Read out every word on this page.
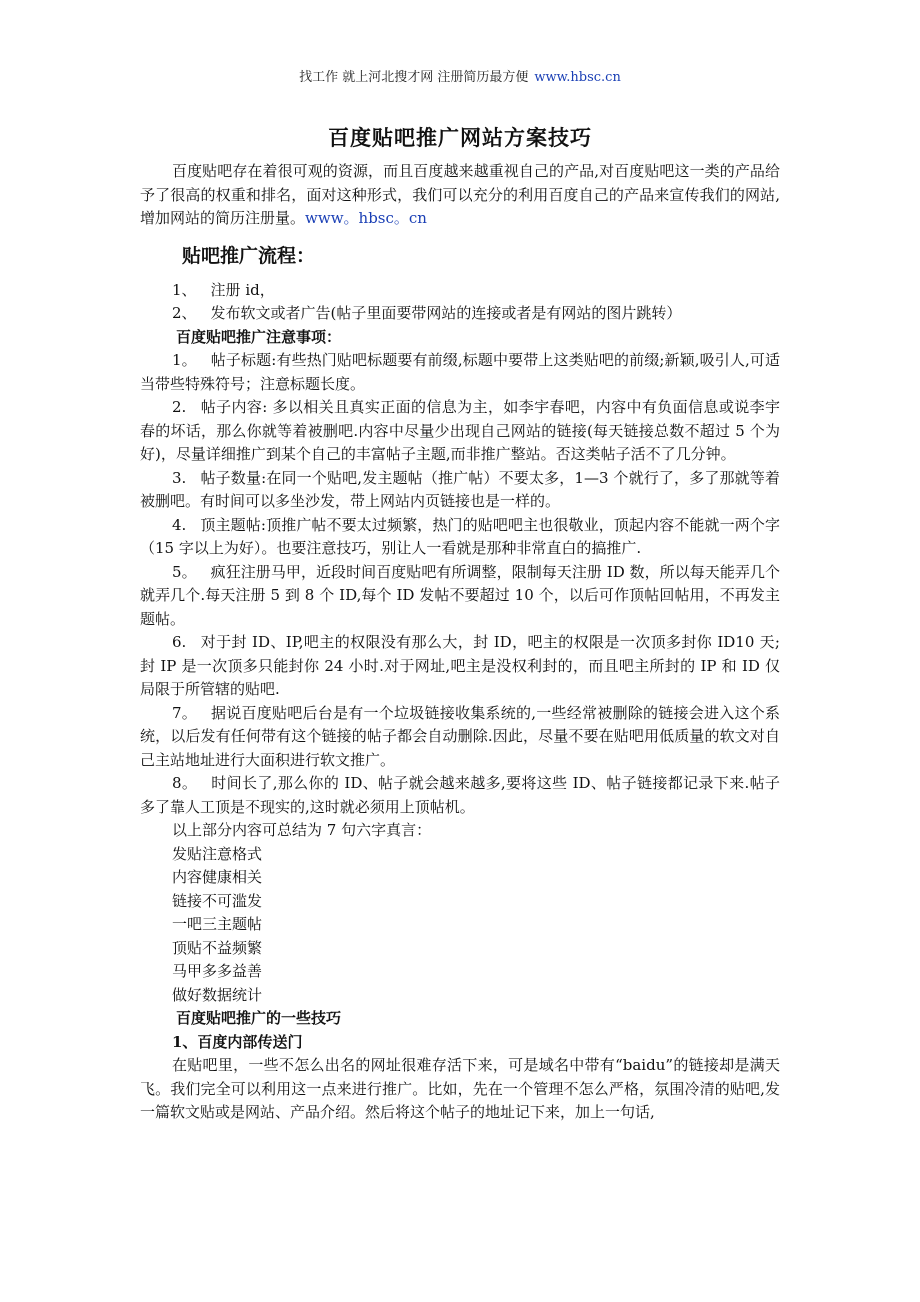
找工作 就上河北搜才网 注册简历最方便 www.hbsc.cn
百度贴吧推广网站方案技巧

百度贴吧存在着很可观的资源，而且百度越来越重视自己的产品,对百度贴吧这一类的产品给予了很高的权重和排名，面对这种形式，我们可以充分的利用百度自己的产品来宣传我们的网站,增加网站的简历注册量。www。hbsc。cn

贴吧推广流程：

1、 注册 id，

2、 发布软文或者广告(帖子里面要带网站的连接或者是有网站的图片跳转）

百度贴吧推广注意事项：

1。 帖子标题:有些热门贴吧标题要有前缀,标题中要带上这类贴吧的前缀;新颖,吸引人,可适当带些特殊符号；注意标题长度。

2. 帖子内容: 多以相关且真实正面的信息为主，如李宇春吧，内容中有负面信息或说李宇春的坏话，那么你就等着被删吧.内容中尽量少出现自己网站的链接(每天链接总数不超过 5 个为好)，尽量详细推广到某个自己的丰富帖子主题,而非推广整站。否这类帖子活不了几分钟。

3. 帖子数量:在同一个贴吧,发主题帖（推广帖）不要太多，1—3 个就行了，多了那就等着被删吧。有时间可以多坐沙发，带上网站内页链接也是一样的。

4. 顶主题帖:顶推广帖不要太过频繁，热门的贴吧吧主也很敬业，顶起内容不能就一两个字（15 字以上为好）。也要注意技巧，别让人一看就是那种非常直白的搞推广.

5。 疯狂注册马甲，近段时间百度贴吧有所调整，限制每天注册 ID 数，所以每天能弄几个就弄几个.每天注册 5 到 8 个 ID,每个 ID 发帖不要超过 10 个，以后可作顶帖回帖用，不再发主题帖。

6. 对于封 ID、IP,吧主的权限没有那么大，封 ID，吧主的权限是一次顶多封你 ID10 天;封 IP 是一次顶多只能封你 24 小时.对于网址,吧主是没权利封的，而且吧主所封的 IP 和 ID 仅局限于所管辖的贴吧.

7。 据说百度贴吧后台是有一个垃圾链接收集系统的,一些经常被删除的链接会进入这个系统，以后发有任何带有这个链接的帖子都会自动删除.因此，尽量不要在贴吧用低质量的软文对自己主站地址进行大面积进行软文推广。

8。 时间长了,那么你的 ID、帖子就会越来越多,要将这些 ID、帖子链接都记录下来.帖子多了靠人工顶是不现实的,这时就必须用上顶帖机。

以上部分内容可总结为 7 句六字真言：

发贴注意格式

内容健康相关

链接不可滥发

一吧三主题帖

顶贴不益频繁

马甲多多益善

做好数据统计

百度贴吧推广的一些技巧

1、百度内部传送门

在贴吧里，一些不怎么出名的网址很难存活下来，可是域名中带有“baidu”的链接却是满天飞。我们完全可以利用这一点来进行推广。比如，先在一个管理不怎么严格，氛围冷清的贴吧,发一篇软文贴或是网站、产品介绍。然后将这个帖子的地址记下来，加上一句话,
